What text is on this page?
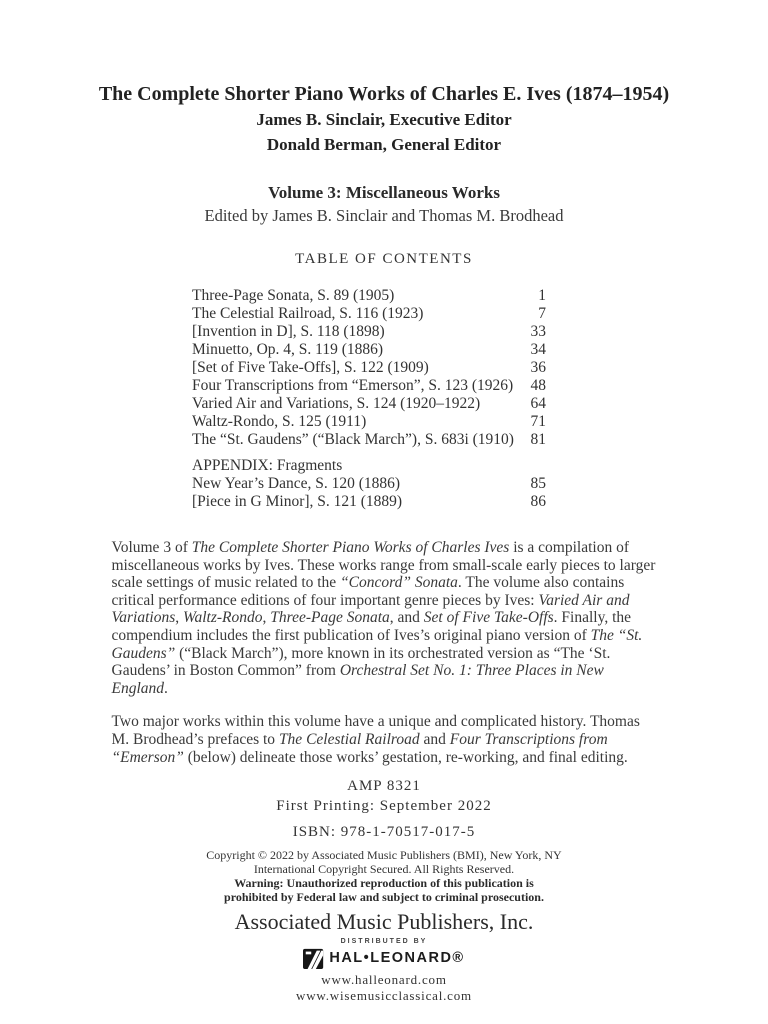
The Complete Shorter Piano Works of Charles E. Ives (1874–1954)
James B. Sinclair, Executive Editor
Donald Berman, General Editor
Volume 3: Miscellaneous Works
Edited by James B. Sinclair and Thomas M. Brodhead
TABLE OF CONTENTS
Three-Page Sonata, S. 89 (1905)	1
The Celestial Railroad, S. 116 (1923)	7
[Invention in D], S. 118 (1898)	33
Minuetto, Op. 4, S. 119 (1886)	34
[Set of Five Take-Offs], S. 122 (1909)	36
Four Transcriptions from “Emerson”, S. 123 (1926) 48
Varied Air and Variations, S. 124 (1920–1922)	64
Waltz-Rondo, S. 125 (1911)	71
The “St. Gaudens” (“Black March”), S. 683i (1910) 81
APPENDIX: Fragments
New Year’s Dance, S. 120 (1886)	85
[Piece in G Minor], S. 121 (1889)	86
Volume 3 of The Complete Shorter Piano Works of Charles Ives is a compilation of miscellaneous works by Ives. These works range from small-scale early pieces to larger scale settings of music related to the “Concord” Sonata. The volume also contains critical performance editions of four important genre pieces by Ives: Varied Air and Variations, Waltz-Rondo, Three-Page Sonata, and Set of Five Take-Offs. Finally, the compendium includes the first publication of Ives’s original piano version of The “St. Gaudens” (“Black March”), more known in its orchestrated version as “The ‘St. Gaudens’ in Boston Common” from Orchestral Set No. 1: Three Places in New England.
Two major works within this volume have a unique and complicated history. Thomas M. Brodhead’s prefaces to The Celestial Railroad and Four Transcriptions from “Emerson” (below) delineate those works’ gestation, re-working, and final editing.
AMP 8321
First Printing: September 2022
ISBN: 978-1-70517-017-5
Copyright © 2022 by Associated Music Publishers (BMI), New York, NY
International Copyright Secured. All Rights Reserved.
Warning: Unauthorized reproduction of this publication is
prohibited by Federal law and subject to criminal prosecution.
Associated Music Publishers, Inc.
DISTRIBUTED BY
HAL•LEONARD®
www.halleonard.com
www.wisemusicclassical.com
